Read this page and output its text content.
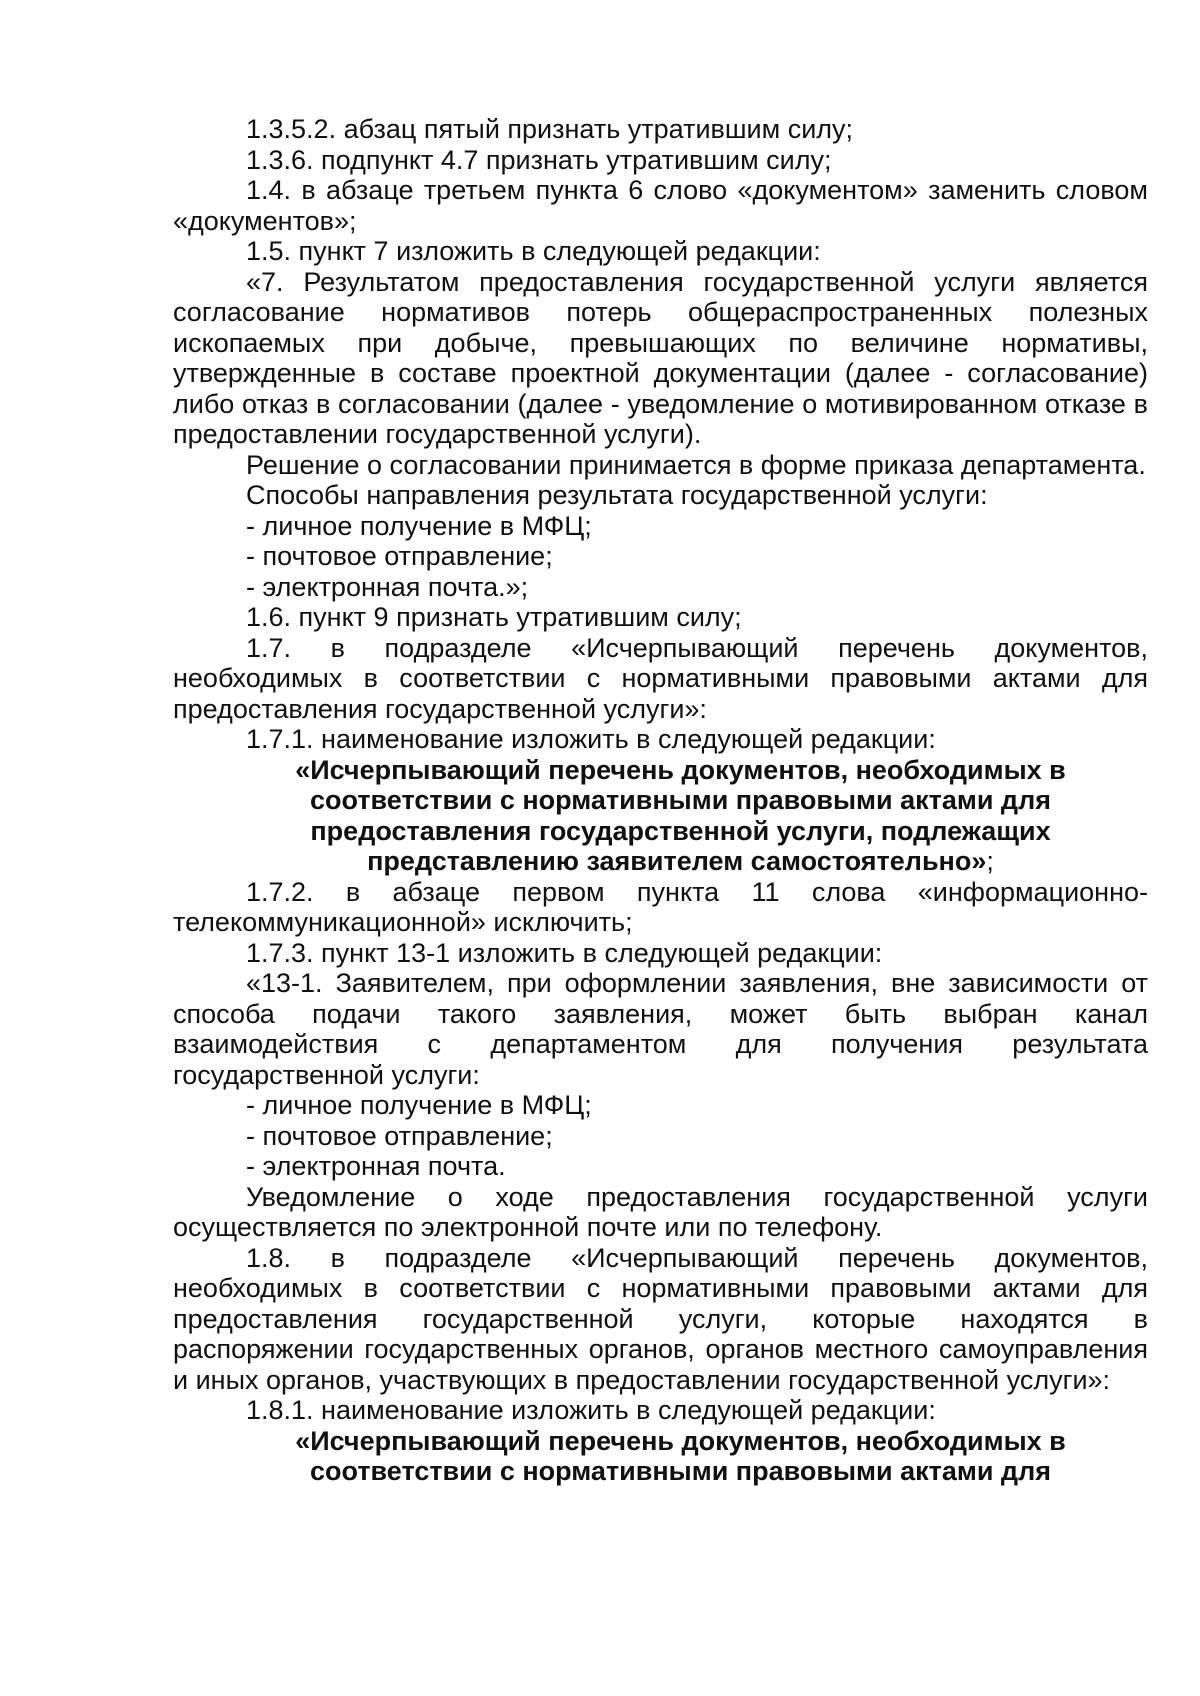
1.3.5.2. абзац пятый признать утратившим силу;

1.3.6. подпункт 4.7 признать утратившим силу;

1.4. в абзаце третьем пункта 6 слово «документом» заменить словом «документов»;

1.5. пункт 7 изложить в следующей редакции:

«7. Результатом предоставления государственной услуги является согласование нормативов потерь общераспространенных полезных ископаемых при добыче, превышающих по величине нормативы, утвержденные в составе проектной документации (далее - согласование) либо отказ в согласовании (далее - уведомление о мотивированном отказе в предоставлении государственной услуги).

Решение о согласовании принимается в форме приказа департамента.

Способы направления результата государственной услуги:

- личное получение в МФЦ;

- почтовое отправление;

- электронная почта.»;

1.6. пункт 9 признать утратившим силу;

1.7. в подразделе «Исчерпывающий перечень документов, необходимых в соответствии с нормативными правовыми актами для предоставления государственной услуги»:

1.7.1. наименование изложить в следующей редакции:

«Исчерпывающий перечень документов, необходимых в соответствии с нормативными правовыми актами для предоставления государственной услуги, подлежащих представлению заявителем самостоятельно»;

1.7.2. в абзаце первом пункта 11 слова «информационно-телекоммуникационной» исключить;

1.7.3. пункт 13-1 изложить в следующей редакции:

«13-1. Заявителем, при оформлении заявления, вне зависимости от способа подачи такого заявления, может быть выбран канал взаимодействия с департаментом для получения результата государственной услуги:

- личное получение в МФЦ;

- почтовое отправление;

- электронная почта.

Уведомление о ходе предоставления государственной услуги осуществляется по электронной почте или по телефону.

1.8. в подразделе «Исчерпывающий перечень документов, необходимых в соответствии с нормативными правовыми актами для предоставления государственной услуги, которые находятся в распоряжении государственных органов, органов местного самоуправления и иных органов, участвующих в предоставлении государственной услуги»:

1.8.1. наименование изложить в следующей редакции:

«Исчерпывающий перечень документов, необходимых в соответствии с нормативными правовыми актами для
